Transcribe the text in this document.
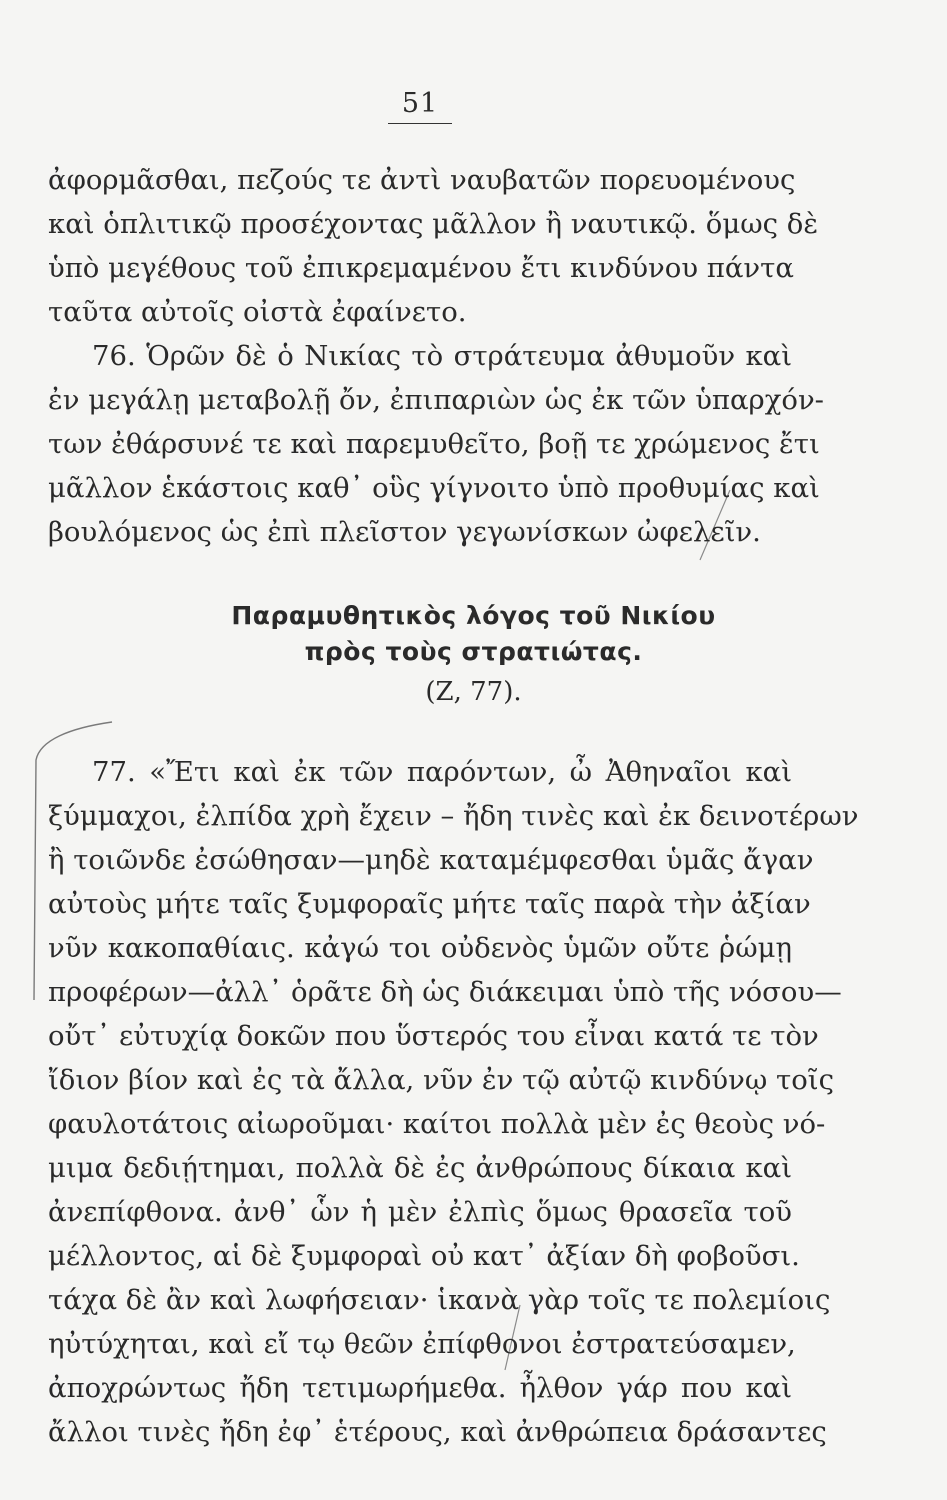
51
ἀφορμᾶσθαι, πεζούς τε ἀντὶ ναυβατῶν πορευομένους
καὶ ὁπλιτικῷ προσέχοντας μᾶλλον ἢ ναυτικῷ. ὅμως δὲ
ὑπὸ μεγέθους τοῦ ἐπικρεμαμένου ἔτι κινδύνου πάντα
ταῦτα αὐτοῖς οἰστὰ ἐφαίνετο.
76. Ὁρῶν δὲ ὁ Νικίας τὸ στράτευμα ἀθυμοῦν καὶ
ἐν μεγάλῃ μεταβολῇ ὄν, ἐπιπαριὼν ὡς ἐκ τῶν ὑπαρχόν-
των ἐθάρσυνέ τε καὶ παρεμυθεῖτο, βοῇ τε χρώμενος ἔτι
μᾶλλον ἑκάστοις καθ᾽ οὓς γίγνοιτο ὑπὸ προθυμίας καὶ
βουλόμενος ὡς ἐπὶ πλεῖστον γεγωνίσκων ὠφελεῖν.
Παραμυθητικὸς λόγος τοῦ Νικίου
πρὸς τοὺς στρατιώτας.
(Ζ, 77).
77. «Ἔτι καὶ ἐκ τῶν παρόντων, ὦ Ἀθηναῖοι καὶ
ξύμμαχοι, ἐλπίδα χρὴ ἔχειν – ἤδη τινὲς καὶ ἐκ δεινοτέρων
ἢ τοιῶνδε ἐσώθησαν—μηδὲ καταμέμφεσθαι ὑμᾶς ἄγαν
αὐτοὺς μήτε ταῖς ξυμφοραῖς μήτε ταῖς παρὰ τὴν ἀξίαν
νῦν κακοπαθίαις. κἀγώ τοι οὐδενὸς ὑμῶν οὔτε ῥώμῃ
προφέρων—ἀλλ᾽ ὁρᾶτε δὴ ὡς διάκειμαι ὑπὸ τῆς νόσου—
οὔτ᾽ εὐτυχίᾳ δοκῶν που ὕστερός του εἶναι κατά τε τὸν
ἴδιον βίον καὶ ἐς τὰ ἄλλα, νῦν ἐν τῷ αὐτῷ κινδύνῳ τοῖς
φαυλοτάτοις αἰωροῦμαι· καίτοι πολλὰ μὲν ἐς θεοὺς νό-
μιμα δεδιῄτημαι, πολλὰ δὲ ἐς ἀνθρώπους δίκαια καὶ
ἀνεπίφθονα. ἀνθ᾽ ὧν ἡ μὲν ἐλπὶς ὅμως θρασεῖα τοῦ
μέλλοντος, αἱ δὲ ξυμφοραὶ οὐ κατ᾽ ἀξίαν δὴ φοβοῦσι.
τάχα δὲ ἂν καὶ λωφήσειαν· ἱκανὰ γὰρ τοῖς τε πολεμίοις
ηὐτύχηται, καὶ εἴ τῳ θεῶν ἐπίφθονοι ἐστρατεύσαμεν,
ἀποχρώντως ἤδη τετιμωρήμεθα. ἦλθον γάρ που καὶ
ἄλλοι τινὲς ἤδη ἐφ᾽ ἑτέρους, καὶ ἀνθρώπεια δράσαντες
